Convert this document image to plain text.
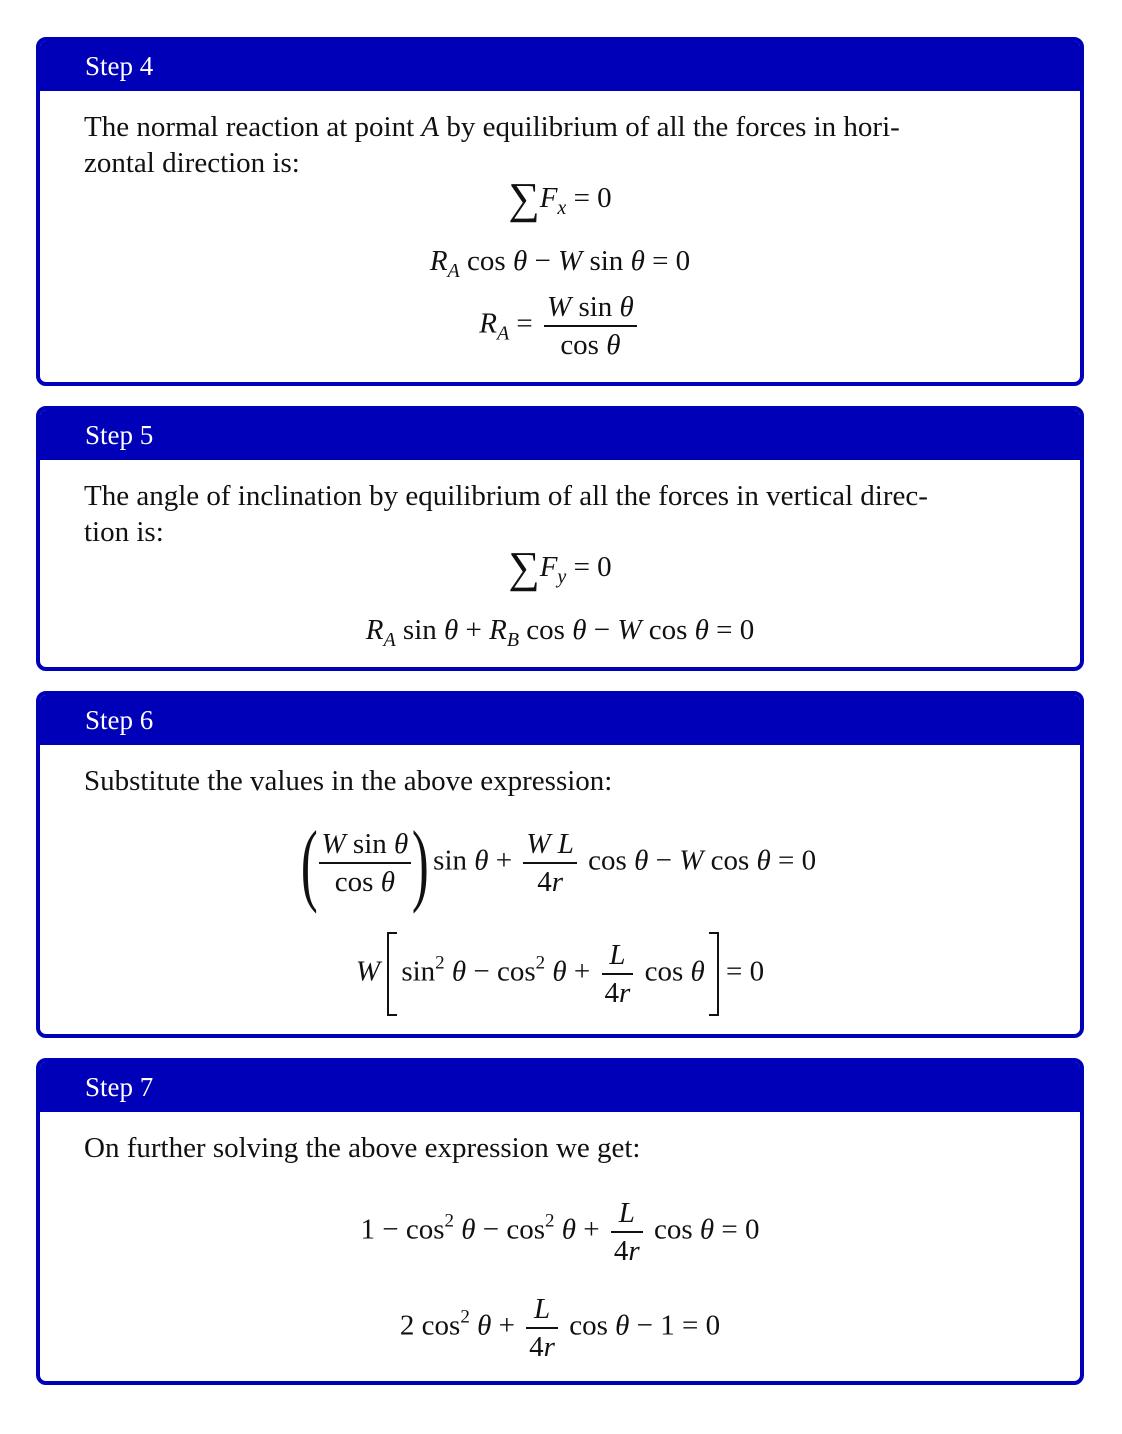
Step 4

The normal reaction at point A by equilibrium of all the forces in hori-
zontal direction is:

$\sum F_x = 0$
$R_A$ cos θ − W sin θ = 0
$R_A = \frac{\text{W sin θ}}{\text{cos θ}}$
Step 5

The angle of inclination by equilibrium of all the forces in vertical direc-
tion is:

$\sum F_y = 0$
$R_A$ $\sin \theta + R_B$ cos θ − W cos θ = 0
Step 6

Substitute the values in the above expression:

( $\frac{\text{W sin θ}}{\text{cos θ}}$ ) $\sin \theta + \frac{\text{W L}}{4r}$ cos θ − W cos θ = 0
W $\sin^2 \theta - \cos^2 \theta + \frac{L}{4r}$ cos θ = 0
Step 7

On further solving the above expression we get:

$1 - \cos^2 \theta - \cos^2 \theta + \frac{L}{4r}$ cos θ = 0
2 $\cos^2 \theta + \frac{L}{4r}$ cos θ − 1 = 0
